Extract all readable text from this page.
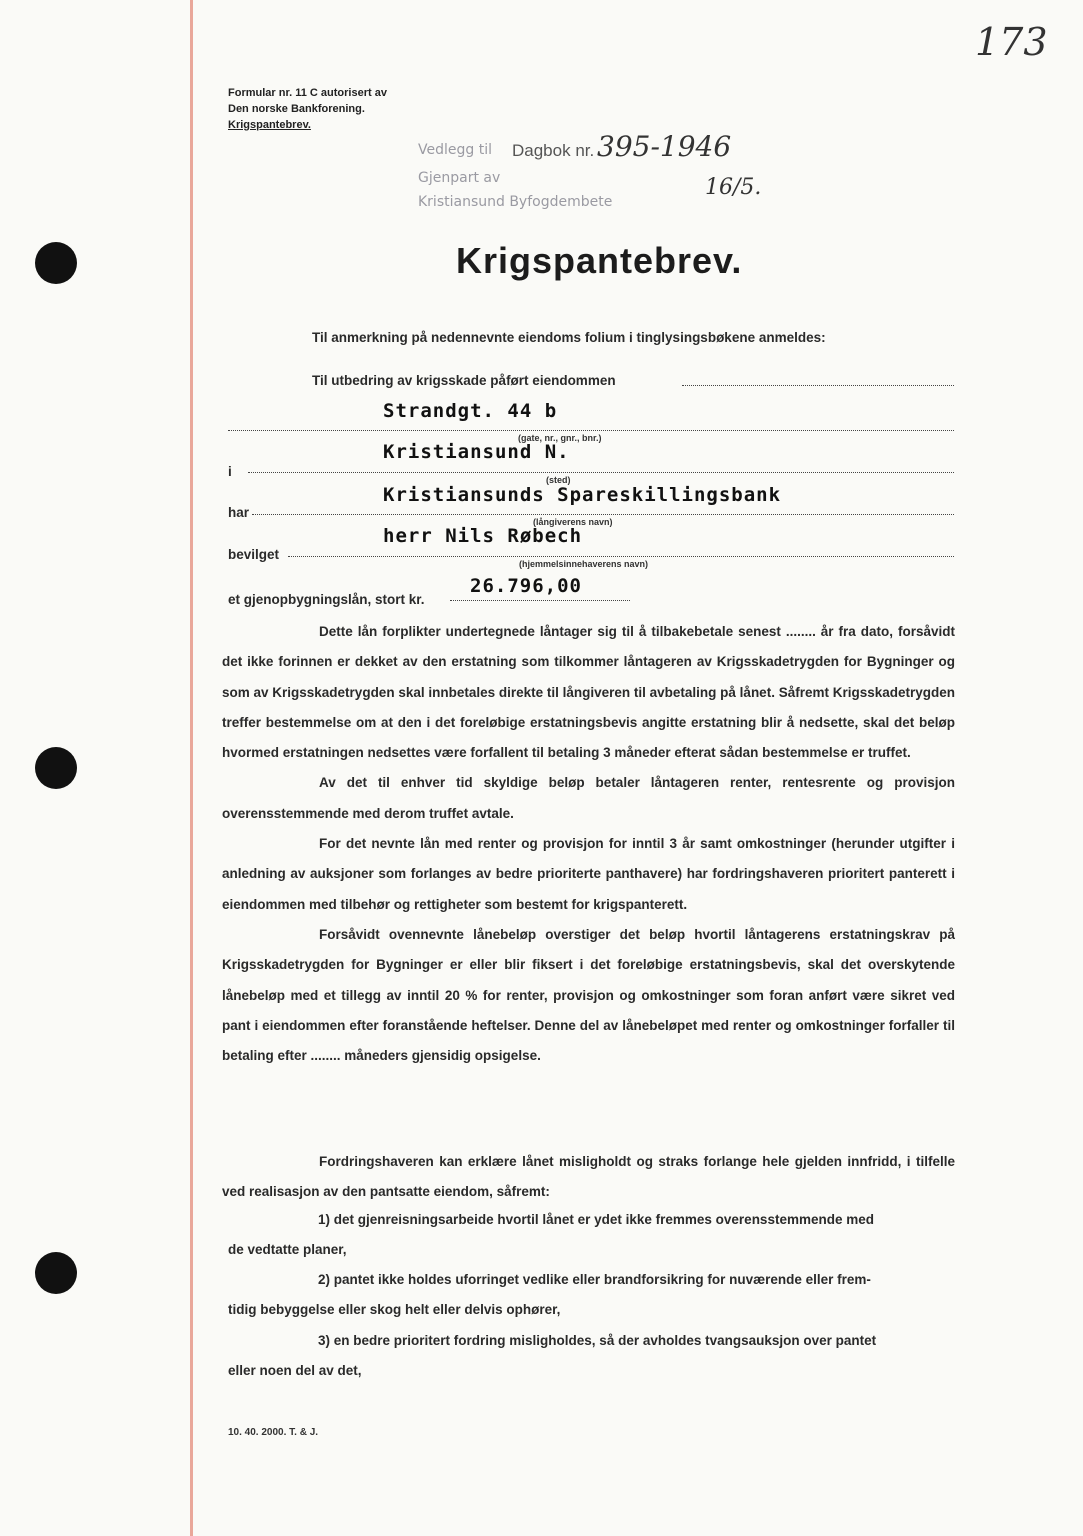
173
Formular nr. 11 C autorisert av
Den norske Bankforening.
Krigspantebrev.
Vedlegg til Dagbok nr. 395-1946
Gjenpart av
Kristiansund Byfogdembete
16/5.
Krigspantebrev.
Til anmerkning på nedennevnte eiendoms folium i tinglysingsbøkene anmeldes:
Til utbedring av krigsskade påført eiendommen
Strandgt. 44 b
(gate, nr., gnr., bnr.)
i
Kristiansund N.
(sted)
har
Kristiansunds Spareskillingsbank
(långiverens navn)
bevilget
herr Nils Røbech
(hjemmelsinnehaverens navn)
et gjenopbygningslån, stort kr.
26.796,00

Dette lån forplikter undertegnede låntager sig til å tilbakebetale senest ........ år fra dato, forsåvidt det ikke forinnen er dekket av den erstatning som tilkommer låntageren av Krigsskadetrygden for Bygninger og som av Krigsskadetrygden skal innbetales direkte til långiveren til avbetaling på lånet. Såfremt Krigsskadetrygden treffer bestemmelse om at den i det foreløbige erstatningsbevis angitte erstatning blir å nedsette, skal det beløp hvormed erstatningen nedsettes være forfallent til betaling 3 måneder efterat sådan bestemmelse er truffet.

Av det til enhver tid skyldige beløp betaler låntageren renter, rentesrente og provisjon overensstemmende med derom truffet avtale.

For det nevnte lån med renter og provisjon for inntil 3 år samt omkostninger (herunder utgifter i anledning av auksjoner som forlanges av bedre prioriterte panthavere) har fordringshaveren prioritert panterett i eiendommen med tilbehør og rettigheter som bestemt for krigspanterett.

Forsåvidt ovennevnte lånebeløp overstiger det beløp hvortil låntagerens erstatningskrav på Krigsskadetrygden for Bygninger er eller blir fiksert i det foreløbige erstatningsbevis, skal det overskytende lånebeløp med et tillegg av inntil 20 % for renter, provisjon og omkostninger som foran anført være sikret ved pant i eiendommen efter foranstående heftelser. Denne del av lånebeløpet med renter og omkostninger forfaller til betaling efter ........ måneders gjensidig opsigelse.

Fordringshaveren kan erklære lånet misligholdt og straks forlange hele gjelden innfridd, i tilfelle ved realisasjon av den pantsatte eiendom, såfremt:

1) det gjenreisningsarbeide hvortil lånet er ydet ikke fremmes overensstemmende med
de vedtatte planer,
2) pantet ikke holdes uforringet vedlike eller brandforsikring for nuværende eller frem-
tidig bebyggelse eller skog helt eller delvis ophører,
3) en bedre prioritert fordring misligholdes, så der avholdes tvangsauksjon over pantet
eller noen del av det,
10. 40. 2000. T. & J.
